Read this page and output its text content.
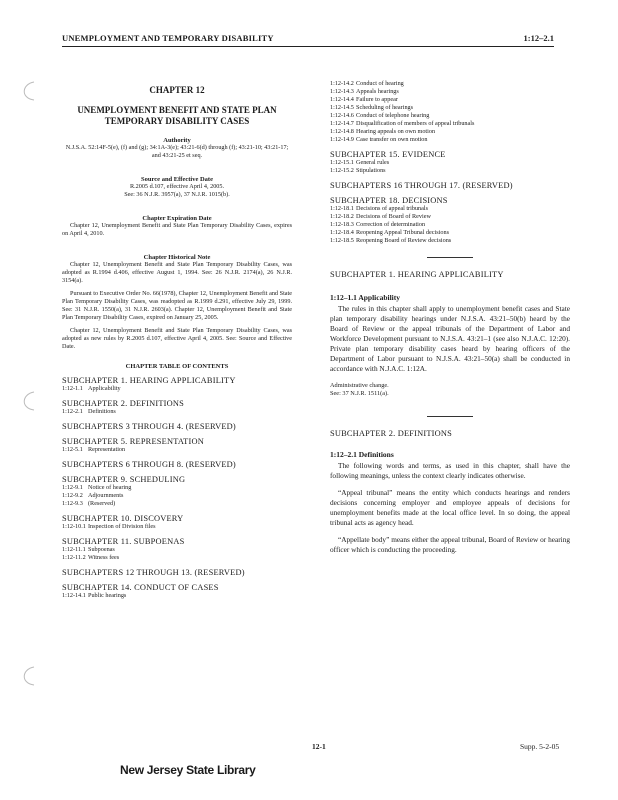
UNEMPLOYMENT AND TEMPORARY DISABILITY	1:12–2.1
CHAPTER 12
UNEMPLOYMENT BENEFIT AND STATE PLAN TEMPORARY DISABILITY CASES
Authority

N.J.S.A. 52:14F-5(e), (f) and (g); 34:1A-3(e); 43:21-6(d) through (f); 43:21-10; 43:21-17; and 43:21-25 et seq.

Source and Effective Date

R.2005 d.107, effective April 4, 2005.

See: 36 N.J.R. 3957(a), 37 N.J.R. 1015(b).

Chapter Expiration Date

Chapter 12, Unemployment Benefit and State Plan Temporary Disability Cases, expires on April 4, 2010.

Chapter Historical Note

Chapter 12, Unemployment Benefit and State Plan Temporary Disability Cases, was adopted as R.1994 d.406, effective August 1, 1994. See: 26 N.J.R. 2174(a), 26 N.J.R. 3154(a).

Pursuant to Executive Order No. 66(1978), Chapter 12, Unemployment Benefit and State Plan Temporary Disability Cases, was readopted as R.1999 d.291, effective July 29, 1999. See: 31 N.J.R. 1550(a), 31 N.J.R. 2603(a). Chapter 12, Unemployment Benefit and State Plan Temporary Disability Cases, expired on January 25, 2005.

Chapter 12, Unemployment Benefit and State Plan Temporary Disability Cases, was adopted as new rules by R.2005 d.107, effective April 4, 2005. See: Source and Effective Date.

CHAPTER TABLE OF CONTENTS
SUBCHAPTER 1. HEARING APPLICABILITY
1:12-1.1 Applicability
SUBCHAPTER 2. DEFINITIONS
1:12-2.1 Definitions
SUBCHAPTERS 3 THROUGH 4. (RESERVED)
SUBCHAPTER 5. REPRESENTATION
1:12-5.1 Representation
SUBCHAPTERS 6 THROUGH 8. (RESERVED)
SUBCHAPTER 9. SCHEDULING
1:12-9.1 Notice of hearing
1:12-9.2 Adjournments
1:12-9.3 (Reserved)
SUBCHAPTER 10. DISCOVERY
1:12-10.1 Inspection of Division files
SUBCHAPTER 11. SUBPOENAS
1:12-11.1 Subpoenas
1:12-11.2 Witness fees
SUBCHAPTERS 12 THROUGH 13. (RESERVED)
SUBCHAPTER 14. CONDUCT OF CASES
1:12-14.1 Public hearings
1:12-14.2 Conduct of hearing
1:12-14.3 Appeals hearings
1:12-14.4 Failure to appear
1:12-14.5 Scheduling of hearings
1:12-14.6 Conduct of telephone hearing
1:12-14.7 Disqualification of members of appeal tribunals
1:12-14.8 Hearing appeals on own motion
1:12-14.9 Case transfer on own motion
SUBCHAPTER 15. EVIDENCE
1:12-15.1 General rules
1:12-15.2 Stipulations
SUBCHAPTERS 16 THROUGH 17. (RESERVED)
SUBCHAPTER 18. DECISIONS
1:12-18.1 Decisions of appeal tribunals
1:12-18.2 Decisions of Board of Review
1:12-18.3 Correction of determination
1:12-18.4 Reopening Appeal Tribunal decisions
1:12-18.5 Reopening Board of Review decisions
SUBCHAPTER 1. HEARING APPLICABILITY
1:12–1.1 Applicability

The rules in this chapter shall apply to unemployment benefit cases and State plan temporary disability hearings under N.J.S.A. 43:21–50(b) heard by the Board of Review or the appeal tribunals of the Department of Labor and Workforce Development pursuant to N.J.S.A. 43:21–1 (see also N.J.A.C. 12:20). Private plan temporary disability cases heard by hearing officers of the Department of Labor pursuant to N.J.S.A. 43:21–50(a) shall be conducted in accordance with N.J.A.C. 1:12A.

Administrative change.

See: 37 N.J.R. 1511(a).

SUBCHAPTER 2. DEFINITIONS
1:12–2.1 Definitions

The following words and terms, as used in this chapter, shall have the following meanings, unless the context clearly indicates otherwise.

“Appeal tribunal” means the entity which conducts hearings and renders decisions concerning employer and employee appeals of decisions for unemployment benefits made at the local office level. In so doing, the appeal tribunal acts as agency head.

“Appellate body” means either the appeal tribunal, Board of Review or hearing officer which is conducting the proceeding.

12-1	Supp. 5-2-05
New Jersey State Library
